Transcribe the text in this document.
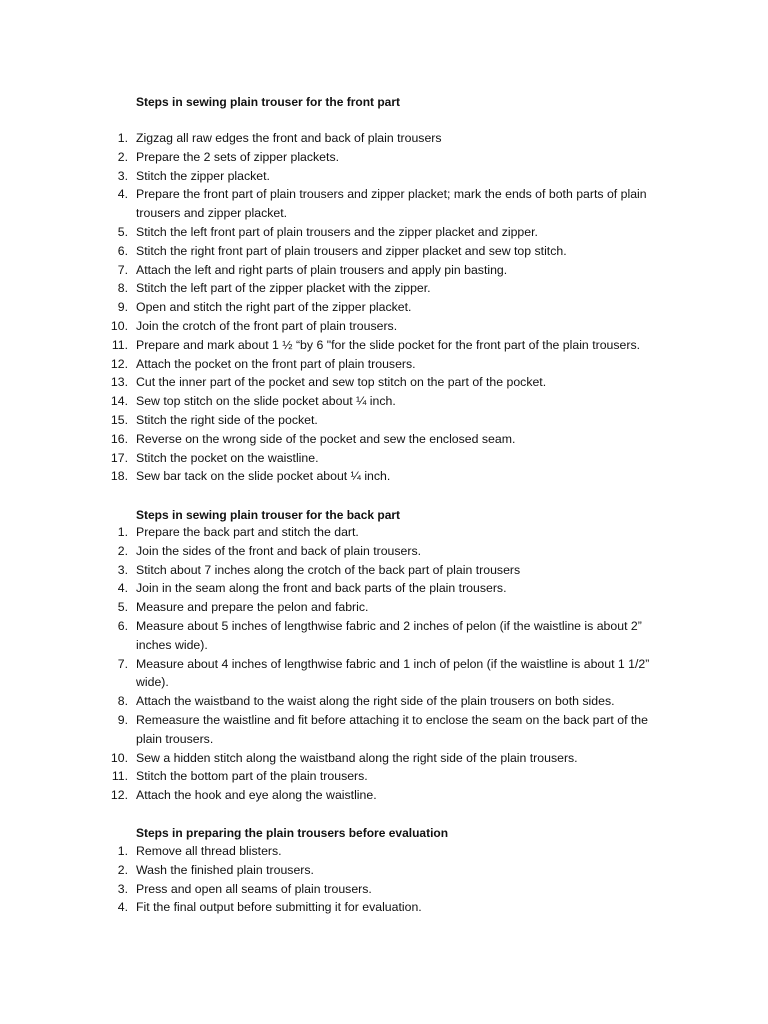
Steps in sewing plain trouser for the front part
1. Zigzag all raw edges the front and back of plain trousers
2. Prepare the 2 sets of zipper plackets.
3. Stitch the zipper placket.
4. Prepare the front part of plain trousers and zipper placket; mark the ends of both parts of plain trousers and zipper placket.
5. Stitch the left front part of plain trousers and the zipper placket and zipper.
6. Stitch the right front part of plain trousers and zipper placket and sew top stitch.
7. Attach the left and right parts of plain trousers and apply pin basting.
8. Stitch the left part of the zipper placket with the zipper.
9. Open and stitch the right part of the zipper placket.
10. Join the crotch of the front part of plain trousers.
11. Prepare and mark about 1 ½ “by 6 "for the slide pocket for the front part of the plain trousers.
12. Attach the pocket on the front part of plain trousers.
13. Cut the inner part of the pocket and sew top stitch on the part of the pocket.
14. Sew top stitch on the slide pocket about ¼ inch.
15. Stitch the right side of the pocket.
16. Reverse on the wrong side of the pocket and sew the enclosed seam.
17. Stitch the pocket on the waistline.
18. Sew bar tack on the slide pocket about ¼ inch.
Steps in sewing plain trouser for the back part
1. Prepare the back part and stitch the dart.
2. Join the sides of the front and back of plain trousers.
3. Stitch about 7 inches along the crotch of the back part of plain trousers
4. Join in the seam along the front and back parts of the plain trousers.
5. Measure and prepare the pelon and fabric.
6. Measure about 5 inches of lengthwise fabric and 2 inches of pelon (if the waistline is about 2” inches wide).
7. Measure about 4 inches of lengthwise fabric and 1 inch of pelon (if the waistline is about 1 1/2” wide).
8. Attach the waistband to the waist along the right side of the plain trousers on both sides.
9. Remeasure the waistline and fit before attaching it to enclose the seam on the back part of the plain trousers.
10. Sew a hidden stitch along the waistband along the right side of the plain trousers.
11. Stitch the bottom part of the plain trousers.
12. Attach the hook and eye along the waistline.
Steps in preparing the plain trousers before evaluation
1. Remove all thread blisters.
2. Wash the finished plain trousers.
3. Press and open all seams of plain trousers.
4. Fit the final output before submitting it for evaluation.
